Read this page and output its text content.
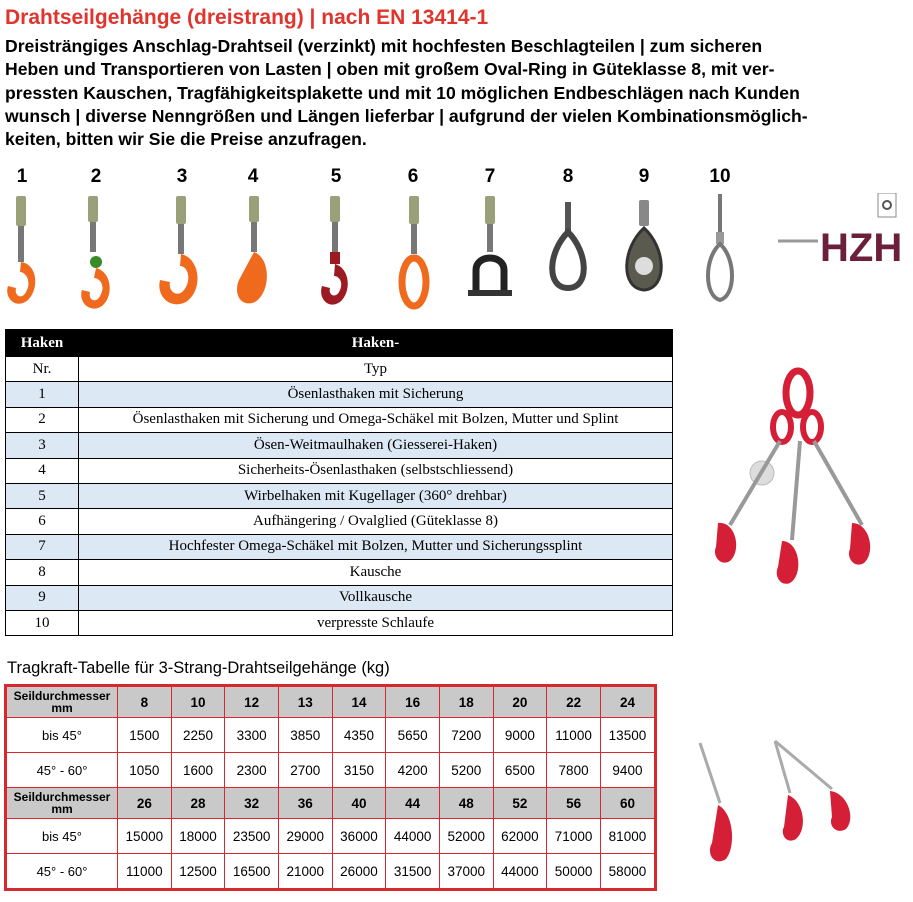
Drahtseilgehänge (dreistrang) | nach EN 13414-1
Dreisträngiges Anschlag-Drahtseil (verzinkt) mit hochfesten Beschlagteilen | zum sicheren
Heben und Transportieren von Lasten | oben mit großem Oval-Ring in Güteklasse 8, mit ver-
pressten Kauschen, Tragfähigkeitsplakette und mit 10 möglichen Endbeschlägen nach Kunden
wunsch | diverse Nenngrößen und Längen lieferbar | aufgrund der vielen Kombinationsmöglich-
keiten, bitten wir Sie die Preise anzufragen.
1	2	3	4	5	6	7	8	9	10
HZH
Haken	Haken-
Nr.	Typ
1	Ösenlasthaken mit Sicherung
2	Ösenlasthaken mit Sicherung und Omega-Schäkel mit Bolzen, Mutter und Splint
3	Ösen-Weitmaulhaken (Giesserei-Haken)
4	Sicherheits-Ösenlasthaken (selbstschliessend)
5	Wirbelhaken mit Kugellager (360° drehbar)
6	Aufhängering / Ovalglied (Güteklasse 8)
7	Hochfester Omega-Schäkel mit Bolzen, Mutter und Sicherungssplint
8	Kausche
9	Vollkausche
10	verpresste Schlaufe
Tragkraft-Tabelle für 3-Strang-Drahtseilgehänge (kg)
Seildurchmesser
mm	8	10	12	13	14	16	18	20	22	24
bis 45°	1500	2250	3300	3850	4350	5650	7200	9000	11000	13500
45° - 60°	1050	1600	2300	2700	3150	4200	5200	6500	7800	9400
Seildurchmesser
mm	26	28	32	36	40	44	48	52	56	60
bis 45°	15000	18000	23500	29000	36000	44000	52000	62000	71000	81000
45° - 60°	11000	12500	16500	21000	26000	31500	37000	44000	50000	58000
